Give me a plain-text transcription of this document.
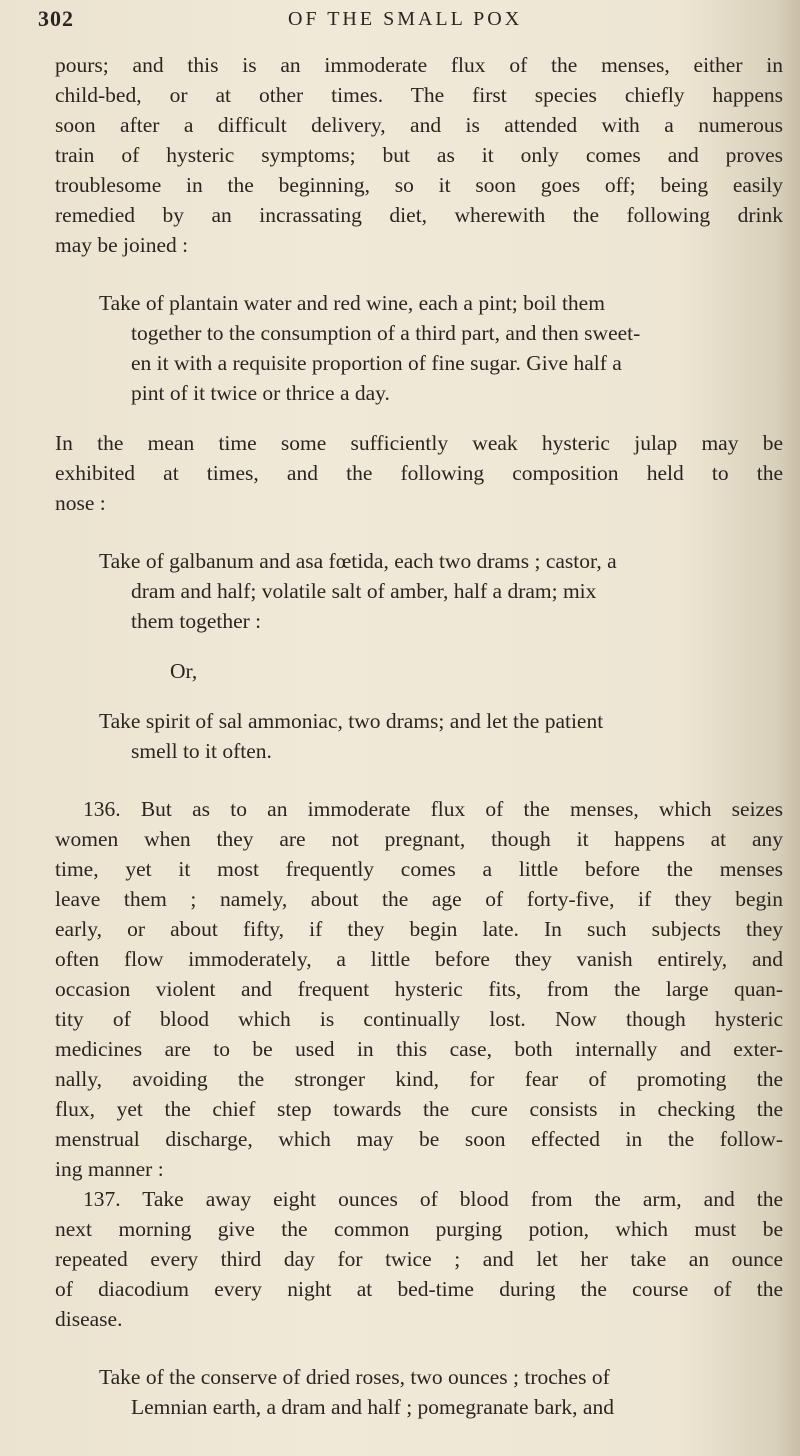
302	OF THE SMALL POX

pours; and this is an immoderate flux of the menses, either in
child-bed, or at other times. The first species chiefly happens
soon after a difficult delivery, and is attended with a numerous
train of hysteric symptoms; but as it only comes and proves
troublesome in the beginning, so it soon goes off; being easily
remedied by an incrassating diet, wherewith the following drink
may be joined :

Take of plantain water and red wine, each a pint; boil them
together to the consumption of a third part, and then sweet-
en it with a requisite proportion of fine sugar. Give half a
pint of it twice or thrice a day.

In the mean time some sufficiently weak hysteric julap may be
exhibited at times, and the following composition held to the
nose :

Take of galbanum and asa fœtida, each two drams ; castor, a
dram and half; volatile salt of amber, half a dram; mix
them together :

Or,

Take spirit of sal ammoniac, two drams; and let the patient
smell to it often.

136. But as to an immoderate flux of the menses, which seizes

women when they are not pregnant, though it happens at any
time, yet it most frequently comes a little before the menses
leave them ; namely, about the age of forty-five, if they begin
early, or about fifty, if they begin late. In such subjects they
often flow immoderately, a little before they vanish entirely, and
occasion violent and frequent hysteric fits, from the large quan-
tity of blood which is continually lost. Now though hysteric
medicines are to be used in this case, both internally and exter-
nally, avoiding the stronger kind, for fear of promoting the
flux, yet the chief step towards the cure consists in checking the
menstrual discharge, which may be soon effected in the follow-
ing manner :

137. Take away eight ounces of blood from the arm, and the

next morning give the common purging potion, which must be
repeated every third day for twice ; and let her take an ounce
of diacodium every night at bed-time during the course of the
disease.

Take of the conserve of dried roses, two ounces ; troches of
Lemnian earth, a dram and half ; pomegranate bark, and
